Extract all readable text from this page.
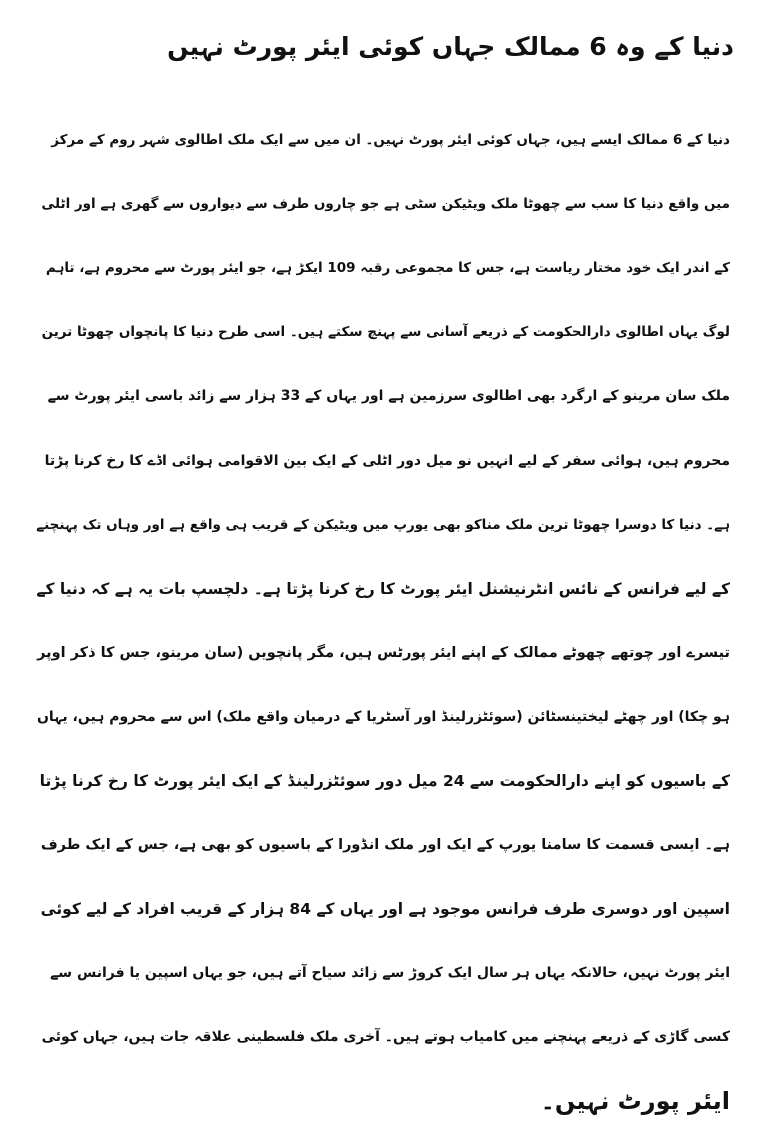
دنیا کے وہ 6 ممالک جہاں کوئی ایئر پورٹ نہیں
دنیا کے 6 ممالک ایسے ہیں، جہاں کوئی ایئر پورٹ نہیں۔ ان میں سے ایک ملک اطالوی شہر روم کے مرکز
میں واقع دنیا کا سب سے چھوٹا ملک ویٹیکن سٹی ہے جو چاروں طرف سے دیواروں سے گھری ہے اور اٹلی
کے اندر ایک خود مختار ریاست ہے، جس کا مجموعی رقبہ 109 ایکڑ ہے، جو ایئر پورٹ سے محروم ہے، تاہم
لوگ یہاں اطالوی دارالحکومت کے ذریعے آسانی سے پہنچ سکتے ہیں۔ اسی طرح دنیا کا پانچواں چھوٹا ترین
ملک سان مرینو کے ارگرد بھی اطالوی سرزمین ہے اور یہاں کے 33 ہزار سے زائد باسی ایئر پورٹ سے
محروم ہیں، ہوائی سفر کے لیے انہیں نو میل دور اٹلی کے ایک بین الاقوامی ہوائی اڈے کا رخ کرنا پڑتا
ہے۔ دنیا کا دوسرا چھوٹا ترین ملک مناکو بھی یورپ میں ویٹیکن کے قریب ہی واقع ہے اور وہاں تک پہنچنے
کے لیے فرانس کے نائس انٹرنیشنل ایئر پورٹ کا رخ کرنا پڑتا ہے۔ دلچسپ بات یہ ہے کہ دنیا کے
تیسرے اور چوتھے چھوٹے ممالک کے اپنے ایئر پورٹس ہیں، مگر پانچویں (سان مرینو، جس کا ذکر اوپر
ہو چکا) اور چھٹے لیختینسٹائن (سوئٹزرلینڈ اور آسٹریا کے درمیان واقع ملک) اس سے محروم ہیں، یہاں
کے باسیوں کو اپنے دارالحکومت سے 24 میل دور سوئٹزرلینڈ کے ایک ایئر پورٹ کا رخ کرنا پڑتا
ہے۔ ایسی قسمت کا سامنا یورپ کے ایک اور ملک انڈورا کے باسیوں کو بھی ہے، جس کے ایک طرف
اسپین اور دوسری طرف فرانس موجود ہے اور یہاں کے 84 ہزار کے قریب افراد کے لیے کوئی
ایئر پورٹ نہیں، حالانکہ یہاں ہر سال ایک کروڑ سے زائد سیاح آتے ہیں، جو یہاں اسپین یا فرانس سے
کسی گاڑی کے ذریعے پہنچنے میں کامیاب ہوتے ہیں۔ آخری ملک فلسطینی علاقہ جات ہیں، جہاں کوئی
ایئر پورٹ نہیں۔
